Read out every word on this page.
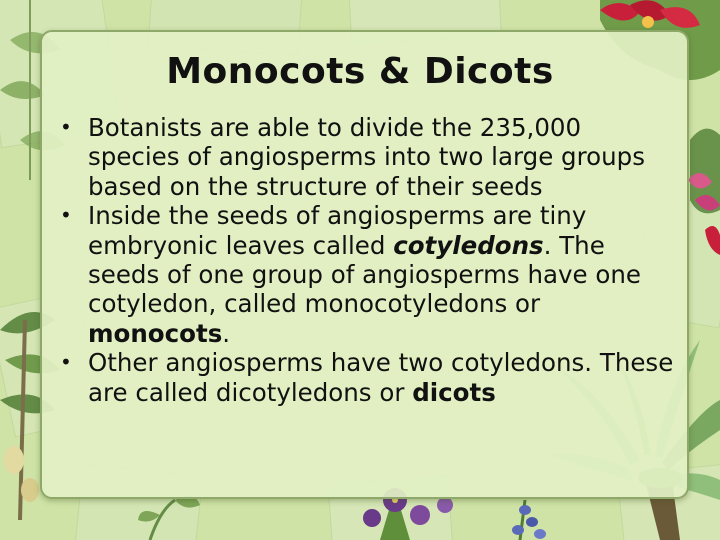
Monocots & Dicots
• Botanists are able to divide the 235,000 species of angiosperms into two large groups based on the structure of their seeds
• Inside the seeds of angiosperms are tiny embryonic leaves called cotyledons. The seeds of one group of angiosperms have one cotyledon, called monocotyledons or monocots.
• Other angiosperms have two cotyledons. These are called dicotyledons or dicots
